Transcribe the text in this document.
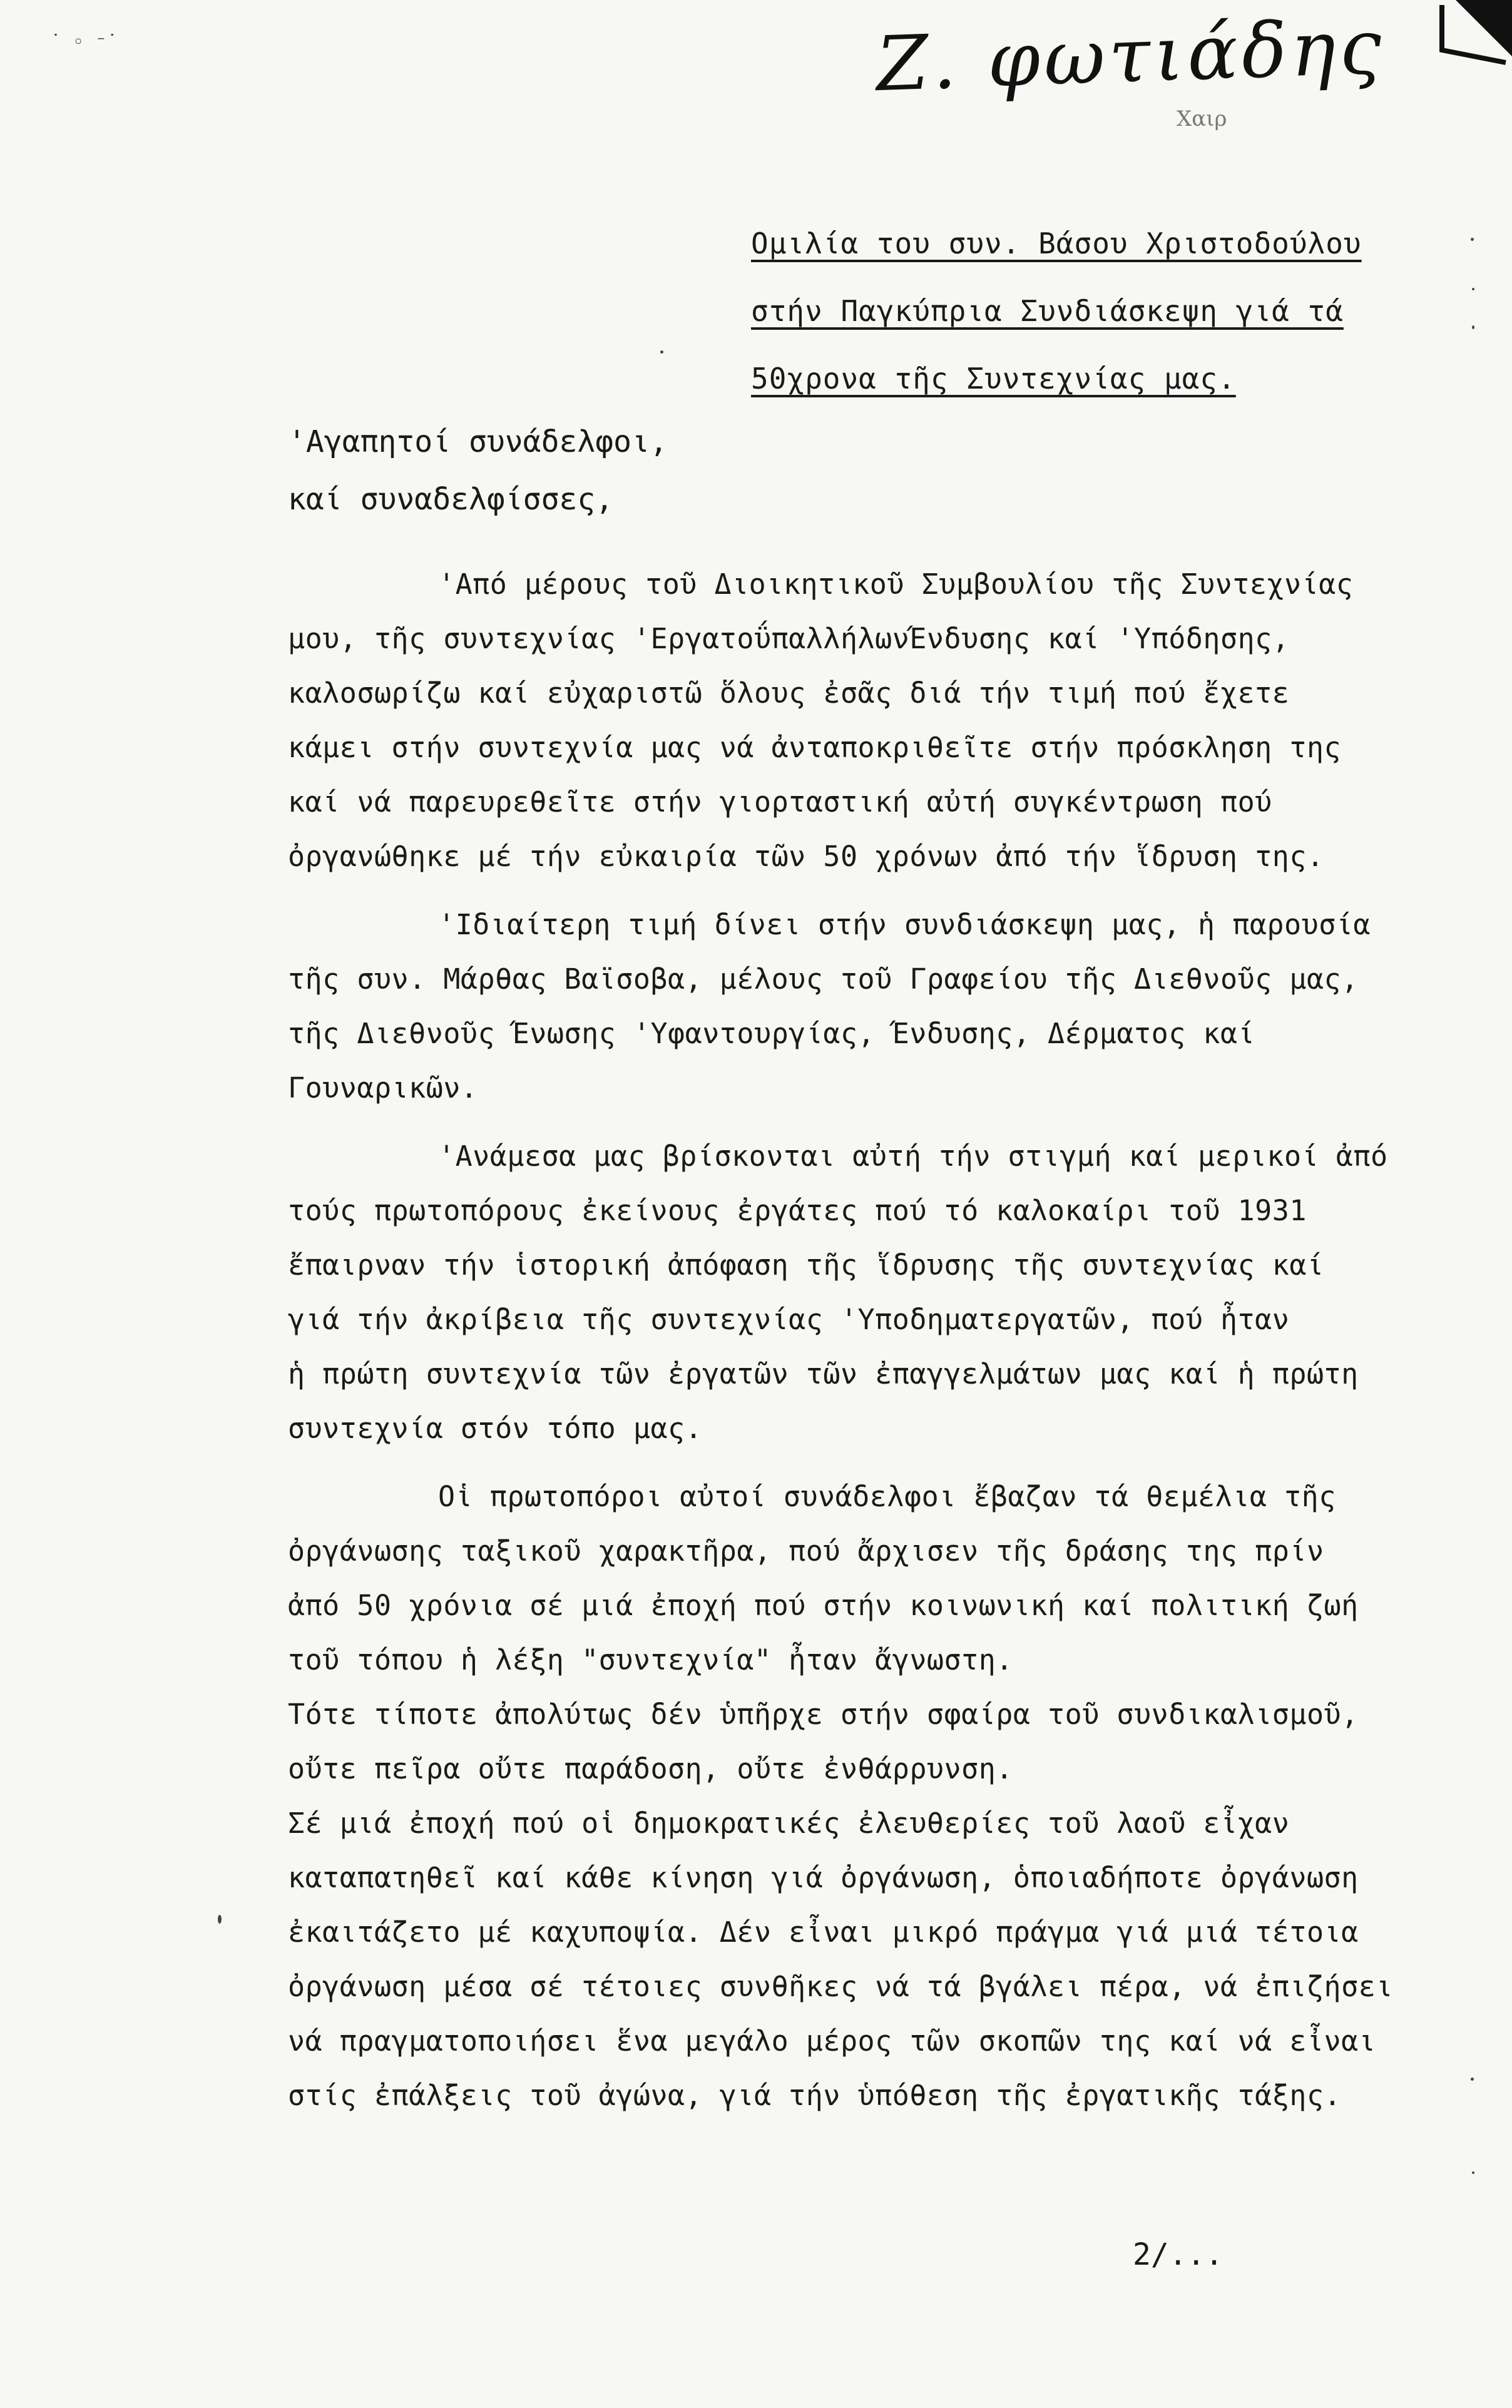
˙ ◦ ⁻˙	Ζ. φωτιάδης
Χαιρ
Ομιλία του συν. Βάσου Χριστοδούλου
στήν Παγκύπρια Συνδιάσκεψη γιά τά
50χρονα τῆς Συντεχνίας μας.
'Αγαπητοί συνάδελφοι,
καί συναδελφίσσες,
'Από μέρους τοῦ Διοικητικοῦ Συμβουλίου τῆς Συντεχνίας
μου, τῆς συντεχνίας 'ΕργατοΰπαλλήλωνΈνδυσης καί 'Υπόδησης,
καλοσωρίζω καί εὐχαριστῶ ὅλους ἐσᾶς διά τήν τιμή πού ἔχετε
κάμει στήν συντεχνία μας νά ἀνταποκριθεῖτε στήν πρόσκληση της
καί νά παρευρεθεῖτε στήν γιορταστική αὐτή συγκέντρωση πού
ὀργανώθηκε μέ τήν εὐκαιρία τῶν 50 χρόνων ἀπό τήν ἵδρυση της.
'Ιδιαίτερη τιμή δίνει στήν συνδιάσκεψη μας, ἡ παρουσία
τῆς συν. Μάρθας Βαϊσοβα, μέλους τοῦ Γραφείου τῆς Διεθνοῦς μας,
τῆς Διεθνοῦς Ένωσης 'Υφαντουργίας, Ένδυσης, Δέρματος καί
Γουναρικῶν.
'Ανάμεσα μας βρίσκονται αὐτή τήν στιγμή καί μερικοί ἀπό
τούς πρωτοπόρους ἐκείνους ἐργάτες πού τό καλοκαίρι τοῦ 1931
ἔπαιρναν τήν ἱστορική ἀπόφαση τῆς ἵδρυσης τῆς συντεχνίας καί
γιά τήν ἀκρίβεια τῆς συντεχνίας 'Υποδηματεργατῶν, πού ἦταν
ἡ πρώτη συντεχνία τῶν ἐργατῶν τῶν ἐπαγγελμάτων μας καί ἡ πρώτη
συντεχνία στόν τόπο μας.
Οἱ πρωτοπόροι αὐτοί συνάδελφοι ἔβαζαν τά θεμέλια τῆς
ὀργάνωσης ταξικοῦ χαρακτῆρα, πού ἄρχισεν τῆς δράσης της πρίν
ἀπό 50 χρόνια σέ μιά ἐποχή πού στήν κοινωνική καί πολιτική ζωή
τοῦ τόπου ἡ λέξη "συντεχνία" ἦταν ἄγνωστη.
Τότε τίποτε ἀπολύτως δέν ὑπῆρχε στήν σφαίρα τοῦ συνδικαλισμοῦ,
οὔτε πεῖρα οὔτε παράδοση, οὔτε ἐνθάρρυνση.
Σέ μιά ἐποχή πού οἱ δημοκρατικές ἐλευθερίες τοῦ λαοῦ εἶχαν
καταπατηθεῖ καί κάθε κίνηση γιά ὀργάνωση, ὁποιαδήποτε ὀργάνωση
ἐκαιτάζετο μέ καχυποψία. Δέν εἶναι μικρό πράγμα γιά μιά τέτοια
ὀργάνωση μέσα σέ τέτοιες συνθῆκες νά τά βγάλει πέρα, νά ἐπιζήσει
νά πραγματοποιήσει ἕνα μεγάλο μέρος τῶν σκοπῶν της καί νά εἶναι
στίς ἐπάλξεις τοῦ ἀγώνα, γιά τήν ὑπόθεση τῆς ἐργατικῆς τάξης.
2/...
